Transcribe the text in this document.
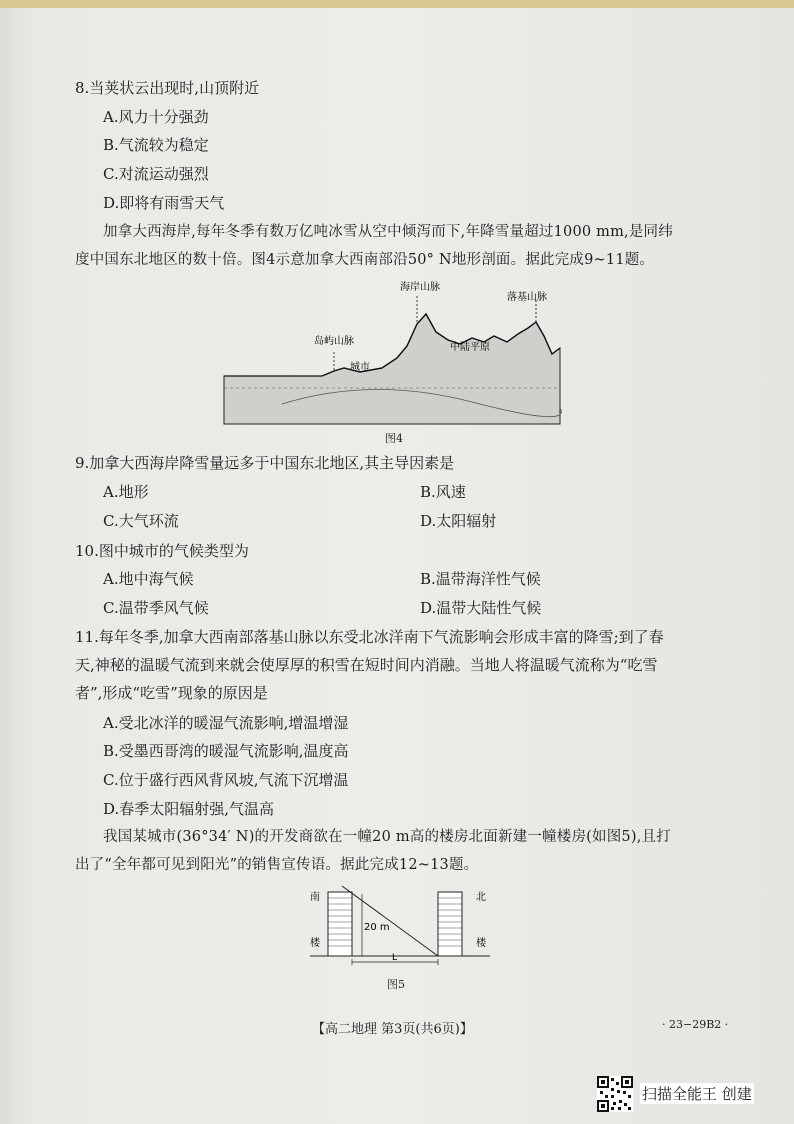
8.当荚状云出现时,山顶附近
A.风力十分强劲
B.气流较为稳定
C.对流运动强烈
D.即将有雨雪天气
加拿大西海岸,每年冬季有数万亿吨冰雪从空中倾泻而下,年降雪量超过1000 mm,是同纬
度中国东北地区的数十倍。图4示意加拿大西南部沿50° N地形剖面。据此完成9~11题。
海岸山脉
落基山脉
岛屿山脉
中陆平原
城市
图4
9.加拿大西海岸降雪量远多于中国东北地区,其主导因素是
A.地形	B.风速
C.大气环流	D.太阳辐射
10.图中城市的气候类型为
A.地中海气候	B.温带海洋性气候
C.温带季风气候	D.温带大陆性气候
11.每年冬季,加拿大西南部落基山脉以东受北冰洋南下气流影响会形成丰富的降雪;到了春
天,神秘的温暖气流到来就会使厚厚的积雪在短时间内消融。当地人将温暖气流称为“吃雪
者”,形成“吃雪”现象的原因是
A.受北冰洋的暖湿气流影响,增温增湿
B.受墨西哥湾的暖湿气流影响,温度高
C.位于盛行西风背风坡,气流下沉增温
D.春季太阳辐射强,气温高
我国某城市(36°34′ N)的开发商欲在一幢20 m高的楼房北面新建一幢楼房(如图5),且打
出了“全年都可见到阳光”的销售宣传语。据此完成12~13题。
南
楼
北
楼
20 m
L
图5
【高二地理 第3页(共6页)】	· 23−29B2 ·
扫描全能王 创建
